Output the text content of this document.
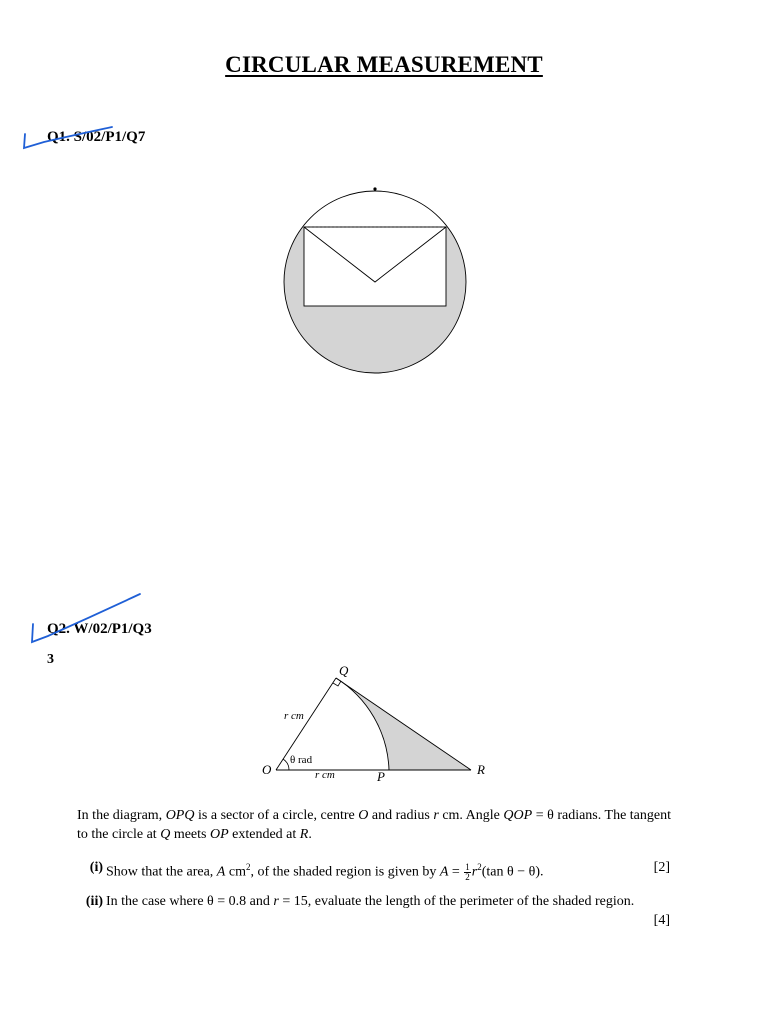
CIRCULAR MEASUREMENT
Q1. S/02/P1/Q7
Q2. W/02/P1/Q3
3
Q
O	P	R
r cm
r cm
θ rad
In the diagram, OPQ is a sector of a circle, centre O and radius r cm. Angle QOP = θ radians. The tangent to the circle at Q meets OP extended at R.
(i) Show that the area, A $cm^2$, of the shaded region is given by $A = \frac{1}{2} r^2(\tan$ θ − θ).	[2]
(ii) In the case where θ = 0.8 and r = 15, evaluate the length of the perimeter of the shaded region.
[4]
